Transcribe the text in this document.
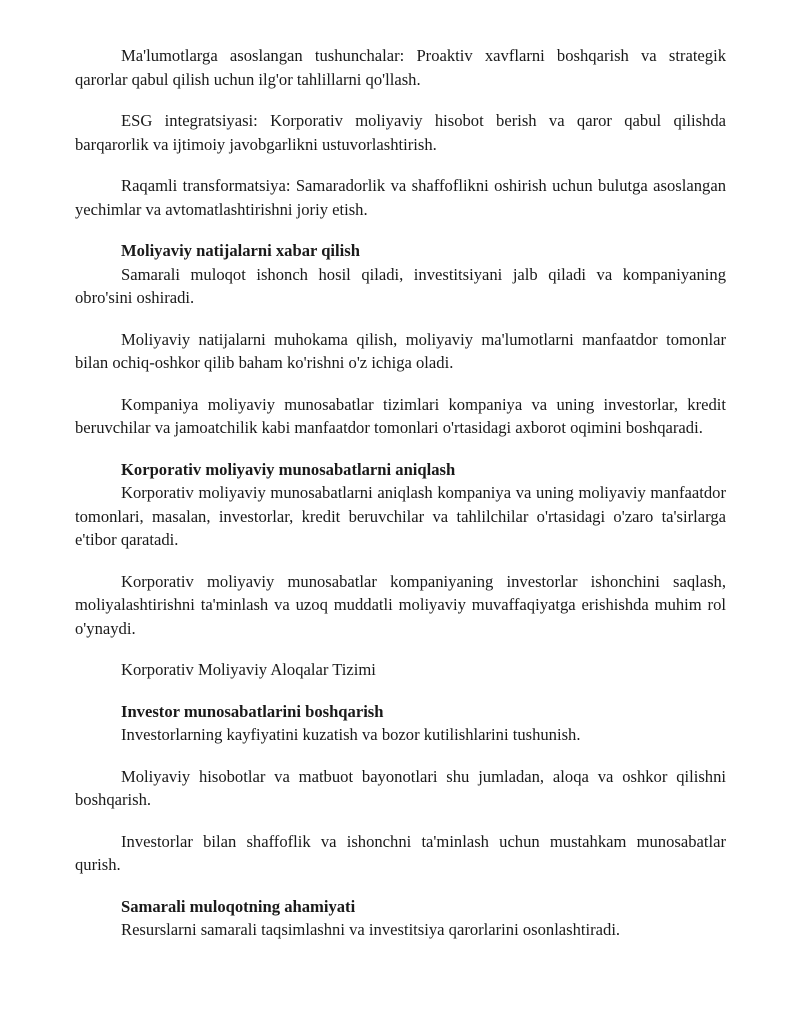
Ma'lumotlarga asoslangan tushunchalar: Proaktiv xavflarni boshqarish va strategik qarorlar qabul qilish uchun ilg'or tahlillarni qo'llash.

ESG integratsiyasi: Korporativ moliyaviy hisobot berish va qaror qabul qilishda barqarorlik va ijtimoiy javobgarlikni ustuvorlashtirish.

Raqamli transformatsiya: Samaradorlik va shaffoflikni oshirish uchun bulutga asoslangan yechimlar va avtomatlashtirishni joriy etish.

Moliyaviy natijalarni xabar qilish

Samarali muloqot ishonch hosil qiladi, investitsiyani jalb qiladi va kompaniyaning obro'sini oshiradi.

Moliyaviy natijalarni muhokama qilish, moliyaviy ma'lumotlarni manfaatdor tomonlar bilan ochiq-oshkor qilib baham ko'rishni o'z ichiga oladi.

Kompaniya moliyaviy munosabatlar tizimlari kompaniya va uning investorlar, kredit beruvchilar va jamoatchilik kabi manfaatdor tomonlari o'rtasidagi axborot oqimini boshqaradi.

Korporativ moliyaviy munosabatlarni aniqlash

Korporativ moliyaviy munosabatlarni aniqlash kompaniya va uning moliyaviy manfaatdor tomonlari, masalan, investorlar, kredit beruvchilar va tahlilchilar o'rtasidagi o'zaro ta'sirlarga e'tibor qaratadi.

Korporativ moliyaviy munosabatlar kompaniyaning investorlar ishonchini saqlash, moliyalashtirishni ta'minlash va uzoq muddatli moliyaviy muvaffaqiyatga erishishda muhim rol o'ynaydi.

Korporativ Moliyaviy Aloqalar Tizimi

Investor munosabatlarini boshqarish

Investorlarning kayfiyatini kuzatish va bozor kutilishlarini tushunish.

Moliyaviy hisobotlar va matbuot bayonotlari shu jumladan, aloqa va oshkor qilishni boshqarish.

Investorlar bilan shaffoflik va ishonchni ta'minlash uchun mustahkam munosabatlar qurish.

Samarali muloqotning ahamiyati

Resurslarni samarali taqsimlashni va investitsiya qarorlarini osonlashtiradi.
